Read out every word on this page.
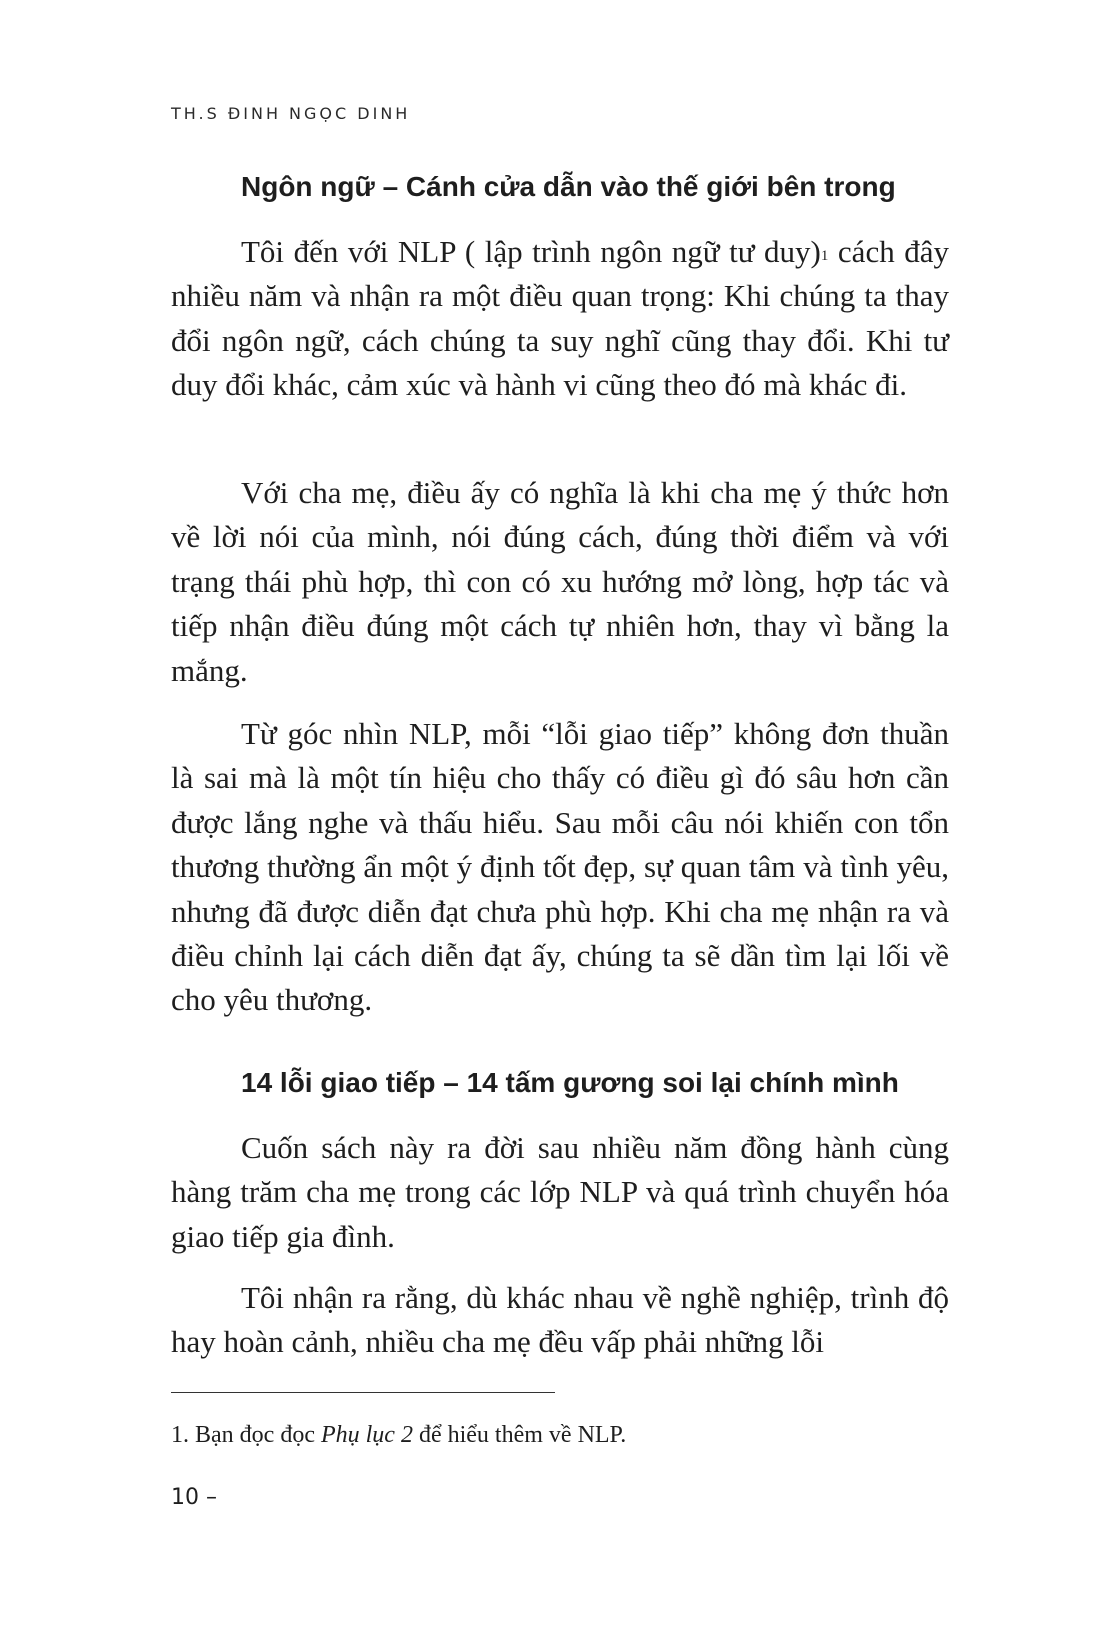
TH.S ĐINH NGỌC DINH
Ngôn ngữ – Cánh cửa dẫn vào thế giới bên trong

Tôi đến với NLP ( lập trình ngôn ngữ tư duy)$^1$ cách đây nhiều năm và nhận ra một điều quan trọng: Khi chúng ta thay đổi ngôn ngữ, cách chúng ta suy nghĩ cũng thay đổi. Khi tư duy đổi khác, cảm xúc và hành vi cũng theo đó mà khác đi.

Với cha mẹ, điều ấy có nghĩa là khi cha mẹ ý thức hơn về lời nói của mình, nói đúng cách, đúng thời điểm và với trạng thái phù hợp, thì con có xu hướng mở lòng, hợp tác và tiếp nhận điều đúng một cách tự nhiên hơn, thay vì bằng la mắng.

Từ góc nhìn NLP, mỗi “lỗi giao tiếp” không đơn thuần là sai mà là một tín hiệu cho thấy có điều gì đó sâu hơn cần được lắng nghe và thấu hiểu. Sau mỗi câu nói khiến con tổn thương thường ẩn một ý định tốt đẹp, sự quan tâm và tình yêu, nhưng đã được diễn đạt chưa phù hợp. Khi cha mẹ nhận ra và điều chỉnh lại cách diễn đạt ấy, chúng ta sẽ dần tìm lại lối về cho yêu thương.

14 lỗi giao tiếp – 14 tấm gương soi lại chính mình

Cuốn sách này ra đời sau nhiều năm đồng hành cùng hàng trăm cha mẹ trong các lớp NLP và quá trình chuyển hóa giao tiếp gia đình.

Tôi nhận ra rằng, dù khác nhau về nghề nghiệp, trình độ hay hoàn cảnh, nhiều cha mẹ đều vấp phải những lỗi

1. Bạn đọc đọc Phụ lục 2 để hiểu thêm về NLP.
10 –
